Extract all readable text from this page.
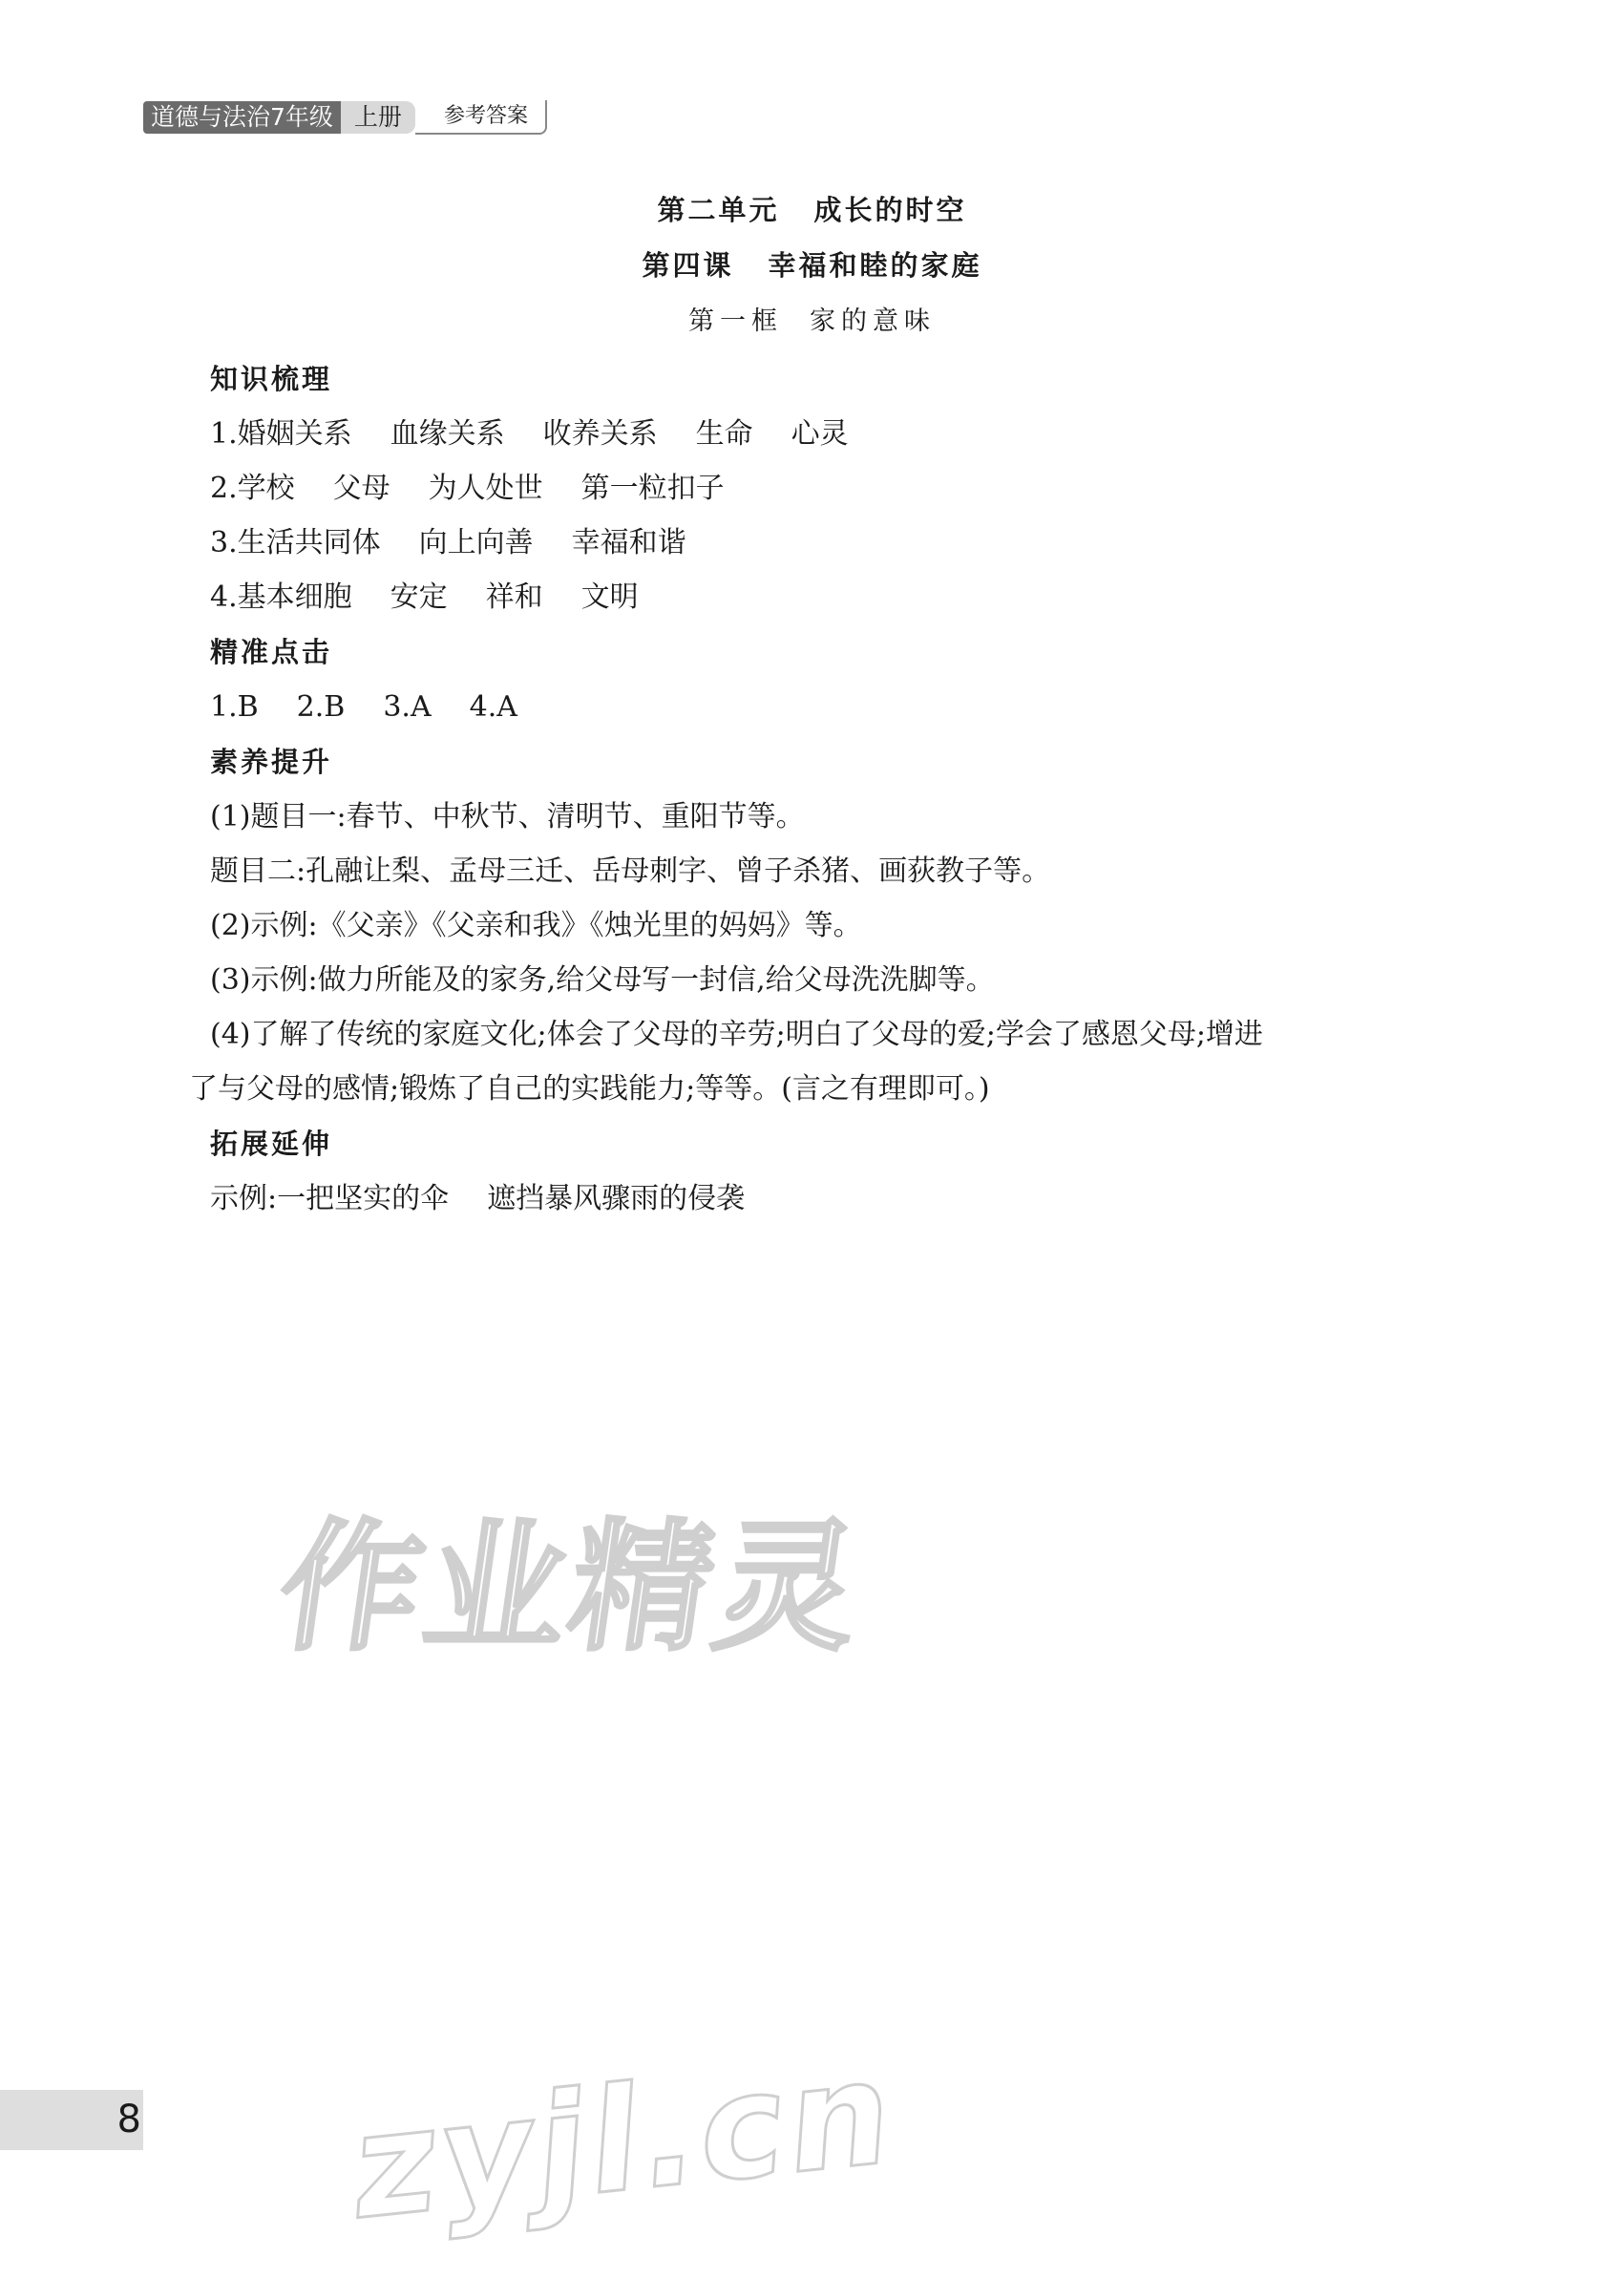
道德与法治7年级 上册	参考答案
第二单元 成长的时空
第四课 幸福和睦的家庭
第一框 家的意味
知识梳理
1.婚姻关系 血缘关系 收养关系 生命 心灵
2.学校 父母 为人处世 第一粒扣子
3.生活共同体 向上向善 幸福和谐
4.基本细胞 安定 祥和 文明
精准点击
1.B 2.B 3.A 4.A
素养提升
(1)题目一:春节、中秋节、清明节、重阳节等。
题目二:孔融让梨、孟母三迁、岳母刺字、曾子杀猪、画荻教子等。
(2)示例:《父亲》《父亲和我》《烛光里的妈妈》等。
(3)示例:做力所能及的家务,给父母写一封信,给父母洗洗脚等。
(4)了解了传统的家庭文化;体会了父母的辛劳;明白了父母的爱;学会了感恩父母;增进
了与父母的感情;锻炼了自己的实践能力;等等。(言之有理即可。)
拓展延伸
示例:一把坚实的伞 遮挡暴风骤雨的侵袭
作业精灵
zyjl.cn
8
